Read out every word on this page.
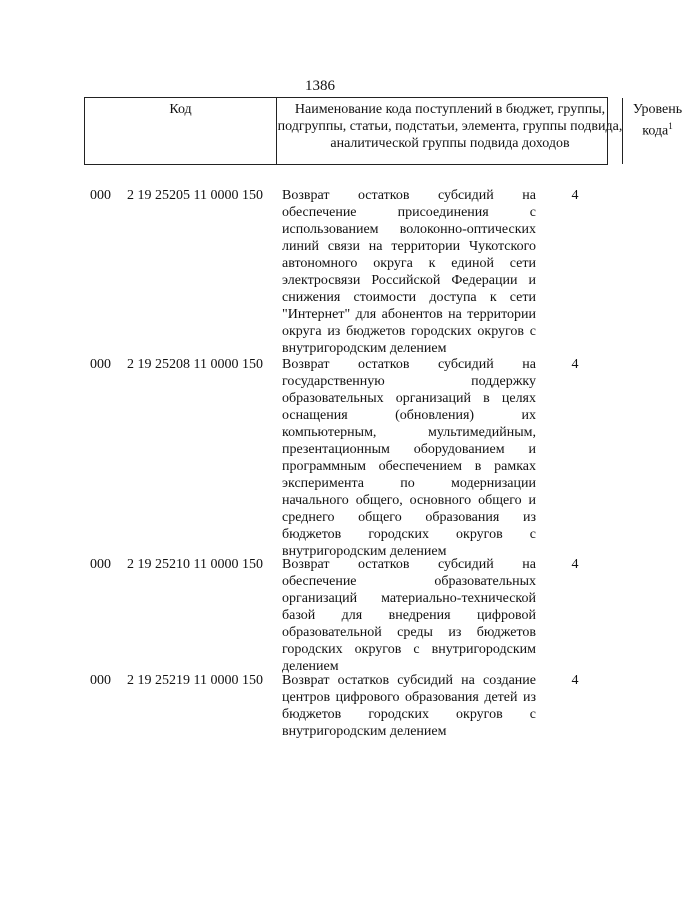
1386
Код	Наименование кода поступлений в бюджет, группы, подгруппы, статьи, подстатьи, элемента, группы подвида, аналитической группы подвида доходов
Уровень кода$^1$
000 2 19 25205 11 0000 150 Возврат остатков субсидий на обеспечение присоединения с использованием волоконно-оптических линий связи на территории Чукотского автономного округа к единой сети электросвязи Российской Федерации и снижения стоимости доступа к сети "Интернет" для абонентов на территории округа из бюджетов городских округов с внутригородским делением
4
000 2 19 25208 11 0000 150 Возврат остатков субсидий на государственную поддержку образовательных организаций в целях оснащения (обновления) их компьютерным, мультимедийным, презентационным оборудованием и программным обеспечением в рамках эксперимента по модернизации начального общего, основного общего и среднего общего образования из бюджетов городских округов с внутригородским делением
4
000 2 19 25210 11 0000 150 Возврат остатков субсидий на обеспечение образовательных организаций материально-технической базой для внедрения цифровой образовательной среды из бюджетов городских округов с внутригородским делением
4
000 2 19 25219 11 0000 150 Возврат остатков субсидий на создание центров цифрового образования детей из бюджетов городских округов с внутригородским делением
4
